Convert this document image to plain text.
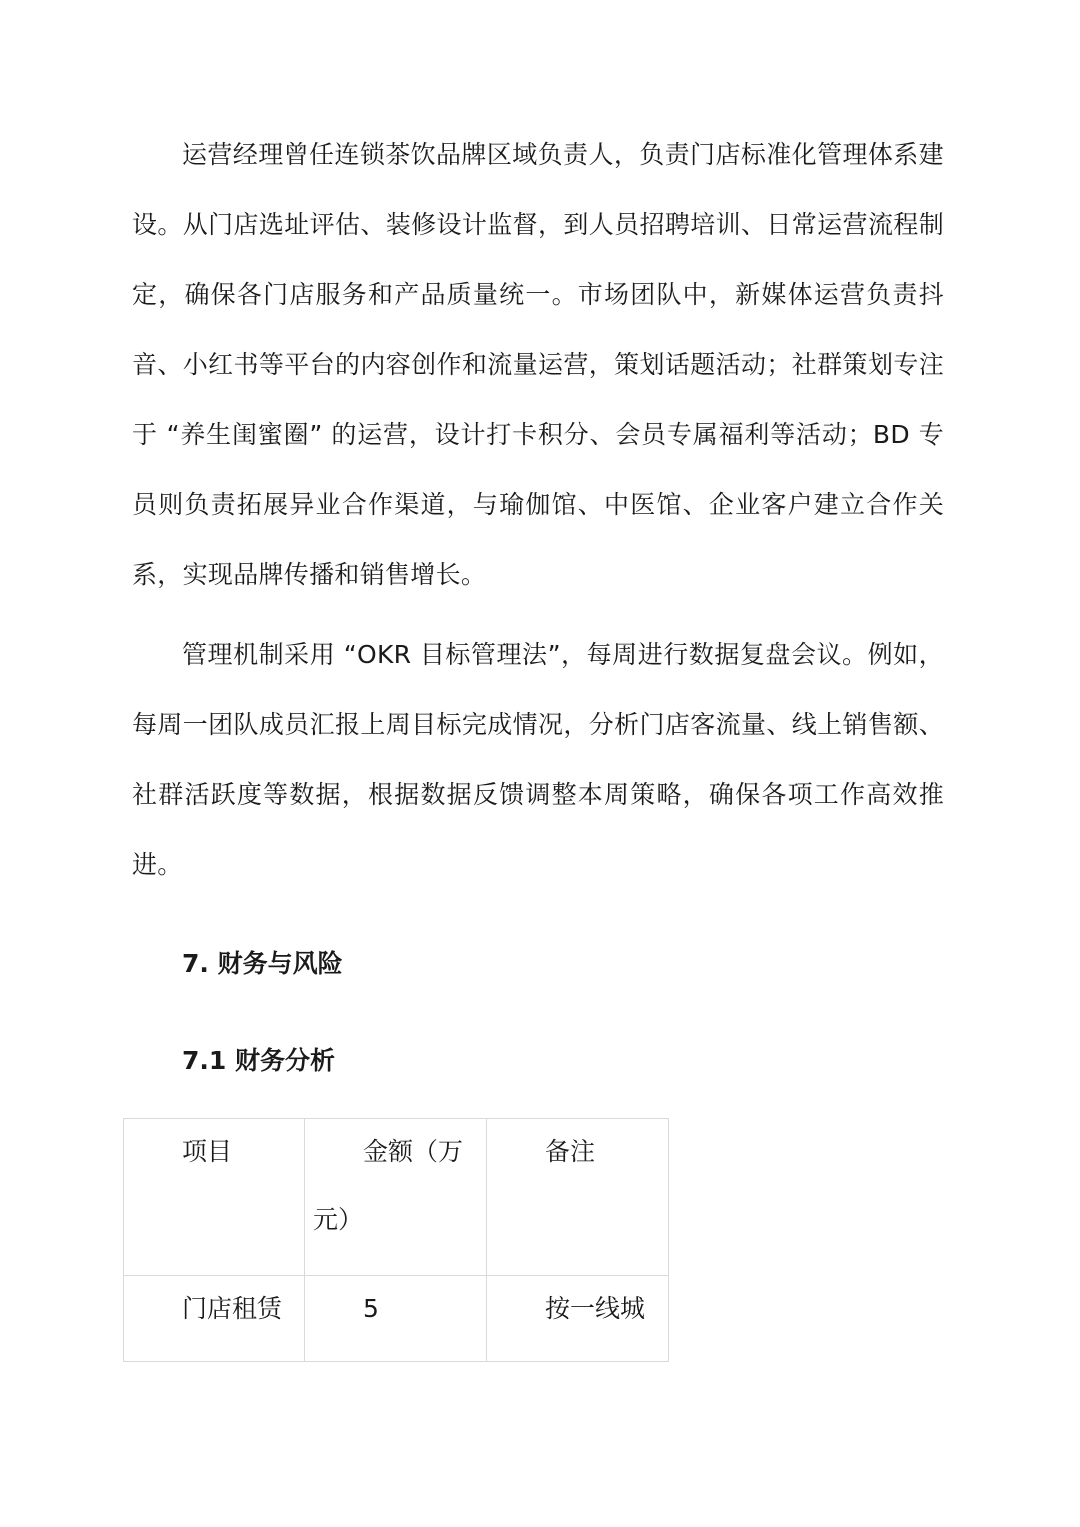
运营经理曾任连锁茶饮品牌区域负责人，负责门店标准化管理体系建设。从门店选址评估、装修设计监督，到人员招聘培训、日常运营流程制定，确保各门店服务和产品质量统一。市场团队中，新媒体运营负责抖音、小红书等平台的内容创作和流量运营，策划话题活动；社群策划专注于 “养生闺蜜圈” 的运营，设计打卡积分、会员专属福利等活动；BD 专员则负责拓展异业合作渠道，与瑜伽馆、中医馆、企业客户建立合作关系，实现品牌传播和销售增长。

管理机制采用 “OKR 目标管理法”，每周进行数据复盘会议。例如，每周一团队成员汇报上周目标完成情况，分析门店客流量、线上销售额、社群活跃度等数据，根据数据反馈调整本周策略，确保各项工作高效推进。

7. 财务与风险
7.1 财务分析
项目	金额（万元）	备注

门店租赁	5	按一线城
